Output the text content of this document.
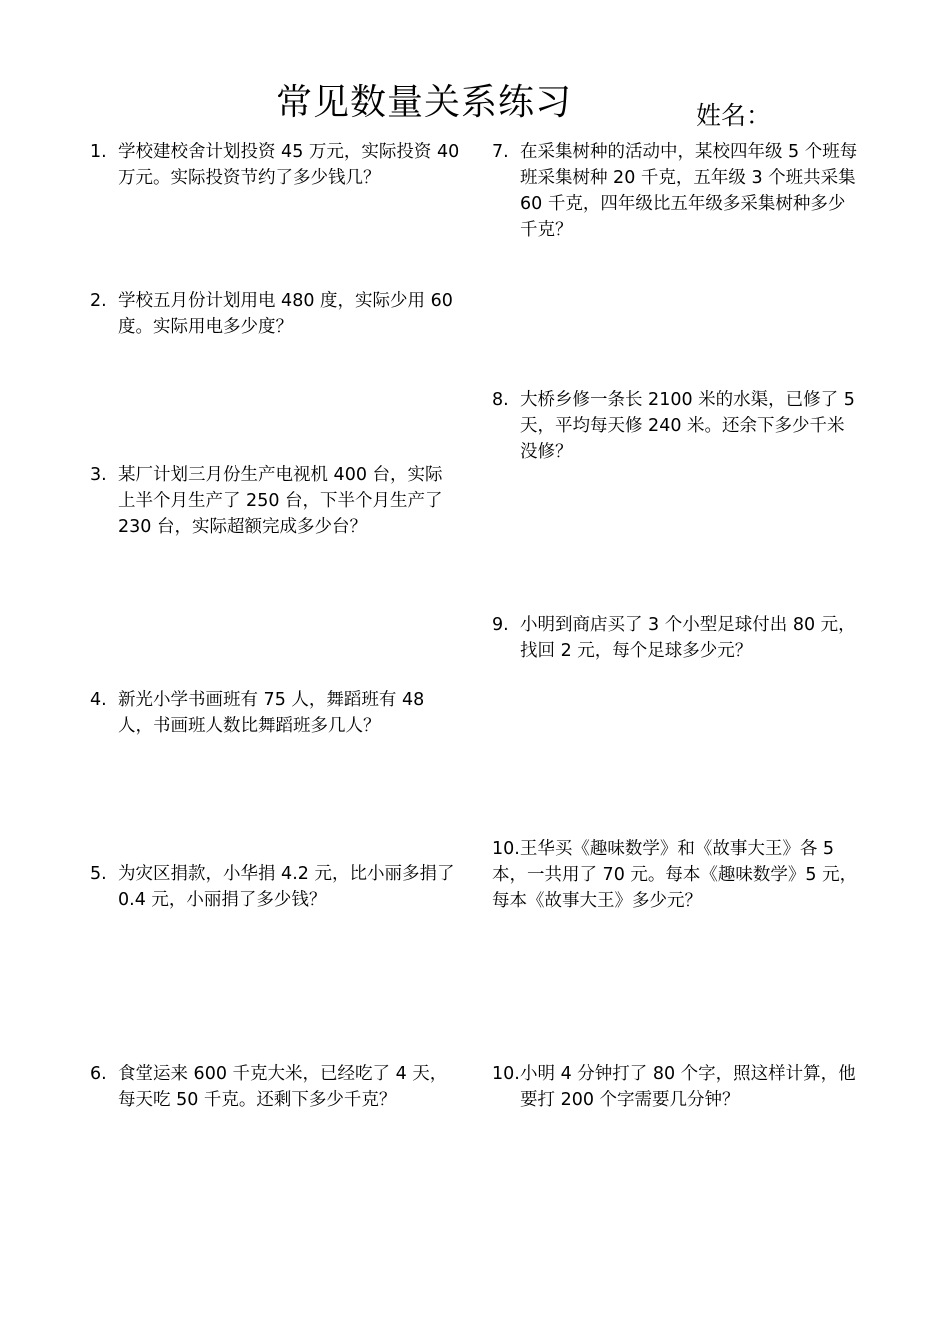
常见数量关系练习	姓名：
1. 学校建校舍计划投资 45 万元，实际投资 40 万元。实际投资节约了多少钱几？
2. 学校五月份计划用电 480 度，实际少用 60 度。实际用电多少度？
3. 某厂计划三月份生产电视机 400 台，实际上半个月生产了 250 台，下半个月生产了 230 台，实际超额完成多少台？
4. 新光小学书画班有 75 人，舞蹈班有 48 人，书画班人数比舞蹈班多几人？
5. 为灾区捐款，小华捐 4.2 元，比小丽多捐了 0.4 元，小丽捐了多少钱？
6. 食堂运来 600 千克大米，已经吃了 4 天，每天吃 50 千克。还剩下多少千克？
7. 在采集树种的活动中，某校四年级 5 个班每班采集树种 20 千克，五年级 3 个班共采集 60 千克，四年级比五年级多采集树种多少千克？
8. 大桥乡修一条长 2100 米的水渠，已修了 5 天，平均每天修 240 米。还余下多少千米没修？
9. 小明到商店买了 3 个小型足球付出 80 元，找回 2 元，每个足球多少元？
10.王华买《趣味数学》和《故事大王》各 5 本，一共用了 70 元。每本《趣味数学》5 元，每本《故事大王》多少元？
10. 小明 4 分钟打了 80 个字，照这样计算，他要打 200 个字需要几分钟？
